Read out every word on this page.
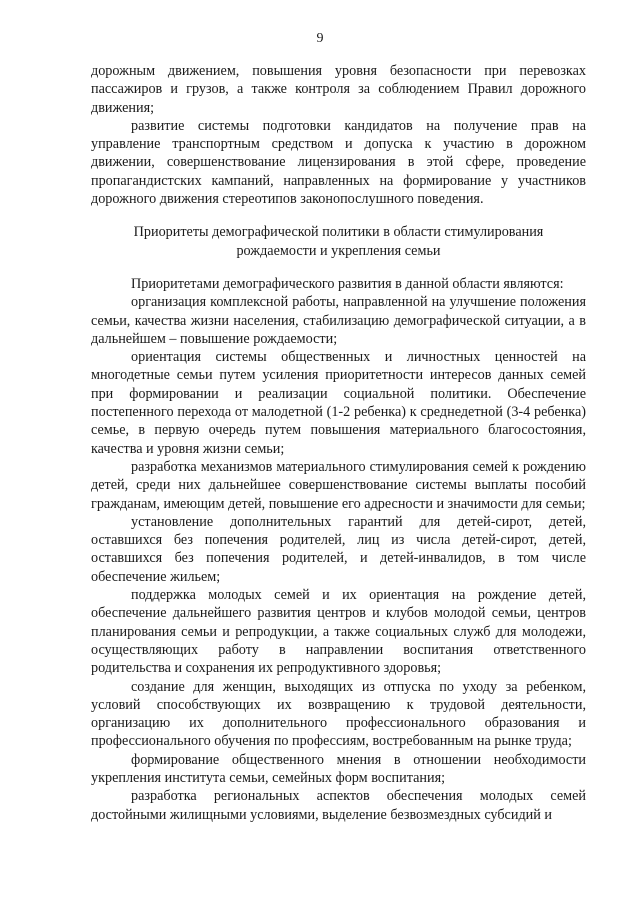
9

дорожным движением, повышения уровня безопасности при перевозках пассажиров и грузов, а также контроля за соблюдением Правил дорожного движения;

развитие системы подготовки кандидатов на получение прав на управление транспортным средством и допуска к участию в дорожном движении, совершенствование лицензирования в этой сфере, проведение пропагандистских кампаний, направленных на формирование у участников дорожного движения стереотипов законопослушного поведения.

Приоритеты демографической политики в области стимулирования
рождаемости и укрепления семьи

Приоритетами демографического развития в данной области являются:

организация комплексной работы, направленной на улучшение положения семьи, качества жизни населения, стабилизацию демографической ситуации, а в дальнейшем – повышение рождаемости;

ориентация системы общественных и личностных ценностей на многодетные семьи путем усиления приоритетности интересов данных семей при формировании и реализации социальной политики. Обеспечение постепенного перехода от малодетной (1-2 ребенка) к среднедетной (3-4 ребенка) семье, в первую очередь путем повышения материального благосостояния, качества и уровня жизни семьи;

разработка механизмов материального стимулирования семей к рождению детей, среди них дальнейшее совершенствование системы выплаты пособий гражданам, имеющим детей, повышение его адресности и значимости для семьи;

установление дополнительных гарантий для детей-сирот, детей, оставшихся без попечения родителей, лиц из числа детей-сирот, детей, оставшихся без попечения родителей, и детей-инвалидов, в том числе обеспечение жильем;

поддержка молодых семей и их ориентация на рождение детей, обеспечение дальнейшего развития центров и клубов молодой семьи, центров планирования семьи и репродукции, а также социальных служб для молодежи, осуществляющих работу в направлении воспитания ответственного родительства и сохранения их репродуктивного здоровья;

создание для женщин, выходящих из отпуска по уходу за ребенком, условий способствующих их возвращению к трудовой деятельности, организацию их дополнительного профессионального образования и профессионального обучения по профессиям, востребованным на рынке труда;

формирование общественного мнения в отношении необходимости укрепления института семьи, семейных форм воспитания;

разработка региональных аспектов обеспечения молодых семей достойными жилищными условиями, выделение безвозмездных субсидий и
